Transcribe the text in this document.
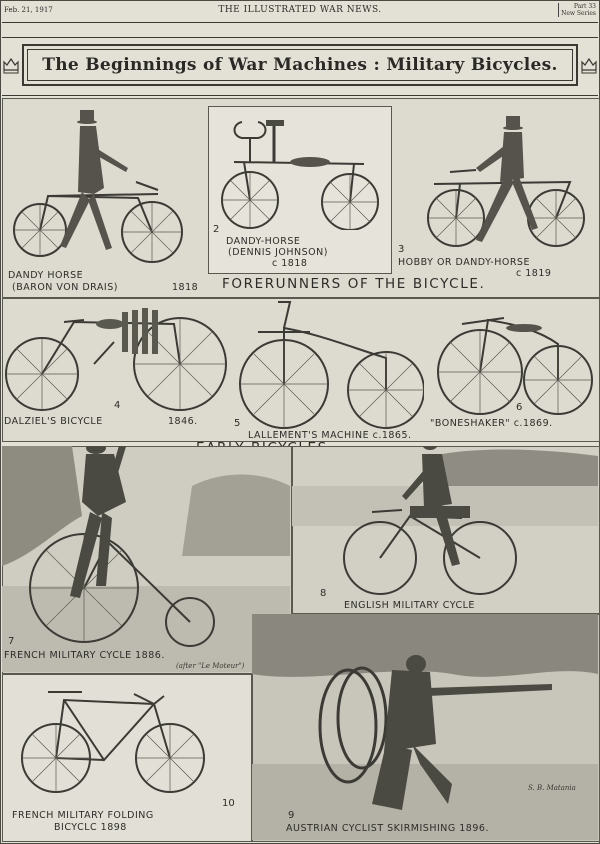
Feb. 21, 1917	THE ILLUSTRATED WAR NEWS.	Part 33
New Series
The Beginnings of War Machines : Military Bicycles.
DANDY HORSE
(BARON VON DRAIS)	1818
2
DANDY-HORSE
(DENNIS JOHNSON)
c 1818
3
HOBBY OR DANDY-HORSE
c 1819
FORERUNNERS OF THE BICYCLE.
4
DALZIEL'S BICYCLE	1846.	5
LALLEMENT'S MACHINE c.1865.
6
"BONESHAKER" c.1869.
7
FRENCH MILITARY CYCLE 1886.
(after "Le Moteur")
8
ENGLISH MILITARY CYCLE
10
FRENCH MILITARY FOLDING
BICYCLC 1898
S. B. Matania
9
AUSTRIAN CYCLIST SKIRMISHING 1896.
